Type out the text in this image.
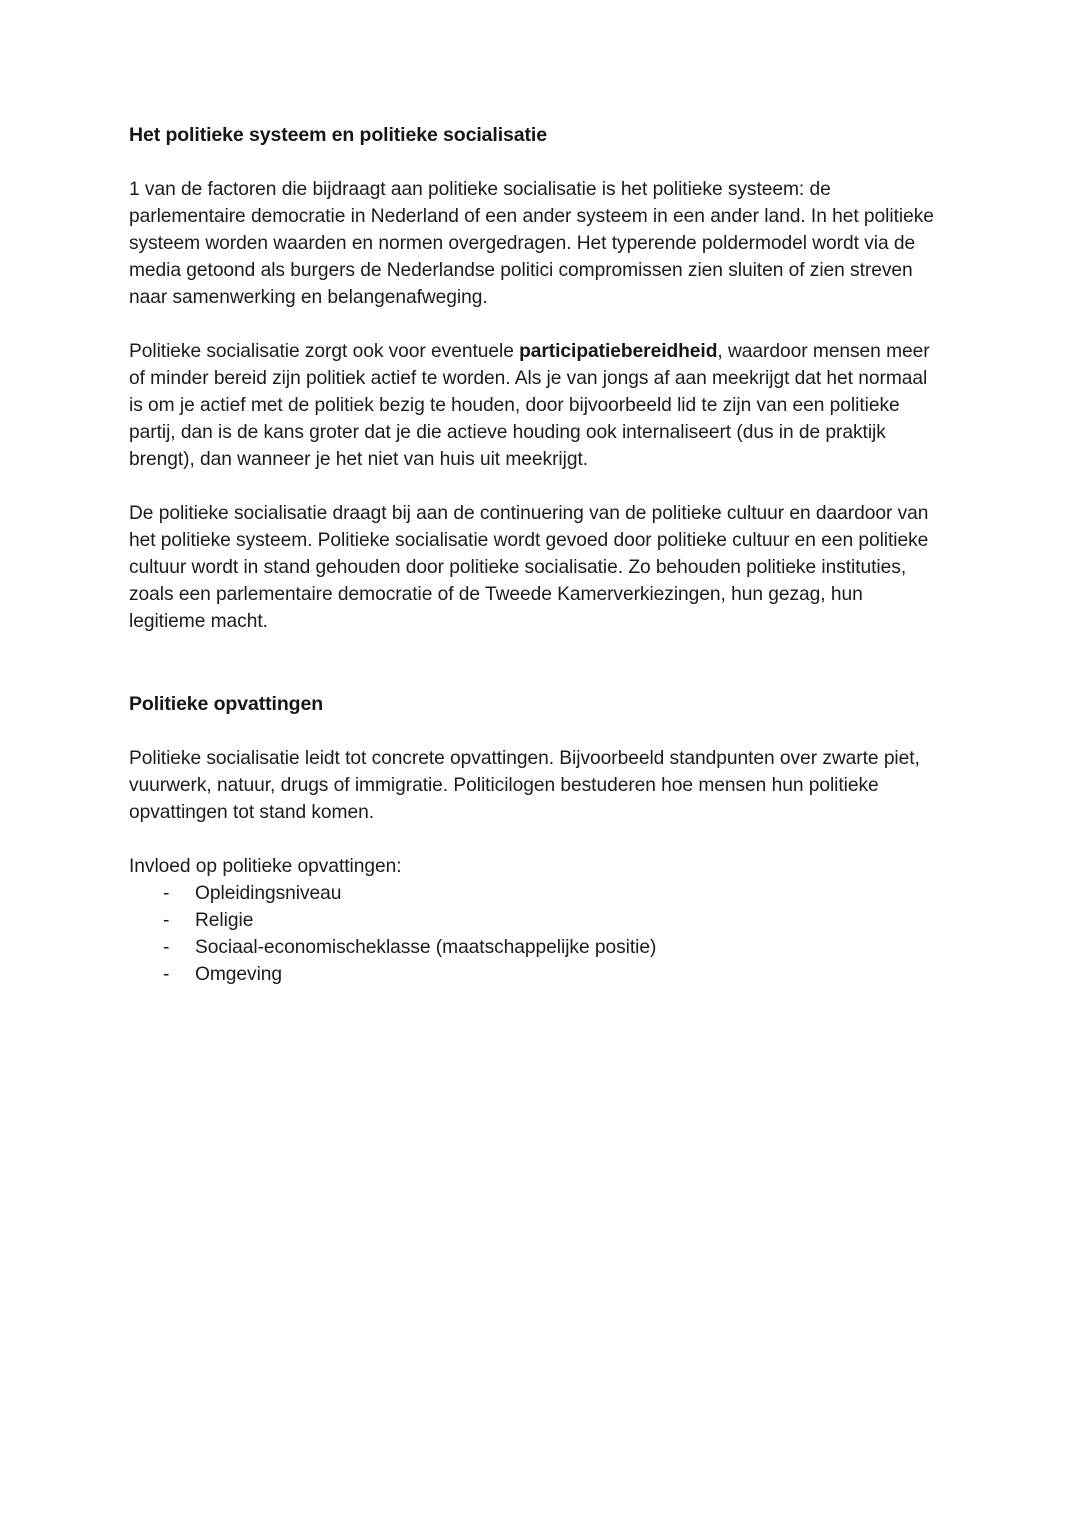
Het politieke systeem en politieke socialisatie

1 van de factoren die bijdraagt aan politieke socialisatie is het politieke systeem: de parlementaire democratie in Nederland of een ander systeem in een ander land. In het politieke systeem worden waarden en normen overgedragen. Het typerende poldermodel wordt via de media getoond als burgers de Nederlandse politici compromissen zien sluiten of zien streven naar samenwerking en belangenafweging.

Politieke socialisatie zorgt ook voor eventuele participatiebereidheid, waardoor mensen meer of minder bereid zijn politiek actief te worden. Als je van jongs af aan meekrijgt dat het normaal is om je actief met de politiek bezig te houden, door bijvoorbeeld lid te zijn van een politieke partij, dan is de kans groter dat je die actieve houding ook internaliseert (dus in de praktijk brengt), dan wanneer je het niet van huis uit meekrijgt.

De politieke socialisatie draagt bij aan de continuering van de politieke cultuur en daardoor van het politieke systeem. Politieke socialisatie wordt gevoed door politieke cultuur en een politieke cultuur wordt in stand gehouden door politieke socialisatie. Zo behouden politieke instituties, zoals een parlementaire democratie of de Tweede Kamerverkiezingen, hun gezag, hun legitieme macht.

Politieke opvattingen

Politieke socialisatie leidt tot concrete opvattingen. Bijvoorbeeld standpunten over zwarte piet, vuurwerk, natuur, drugs of immigratie. Politicilogen bestuderen hoe mensen hun politieke opvattingen tot stand komen.

Invloed op politieke opvattingen:

-	Opleidingsniveau
-	Religie
-	Sociaal-economischeklasse (maatschappelijke positie)
-	Omgeving
